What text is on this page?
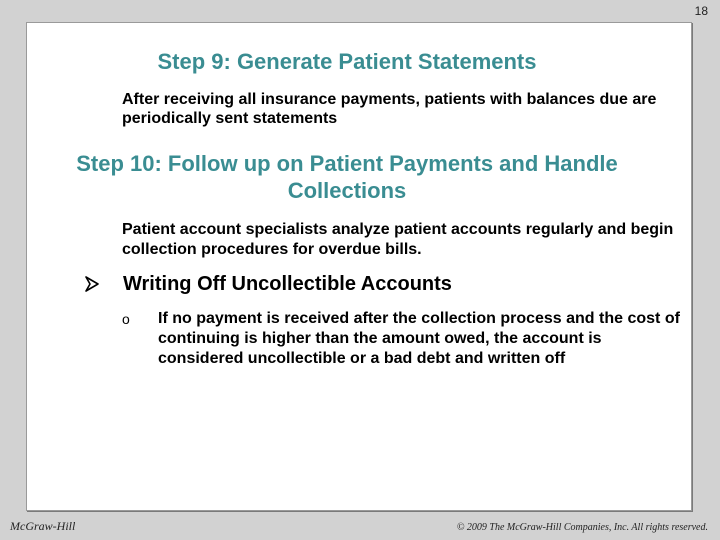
18
Step 9: Generate Patient Statements

After receiving all insurance payments, patients with balances due are periodically sent statements

Step 10: Follow up on Patient Payments and Handle Collections

Patient account specialists analyze patient accounts regularly and begin collection procedures for overdue bills.

Writing Off Uncollectible Accounts
o If no payment is received after the collection process and the cost of continuing is higher than the amount owed, the account is considered uncollectible or a bad debt and written off
McGraw-Hill	© 2009 The McGraw-Hill Companies, Inc. All rights reserved.
